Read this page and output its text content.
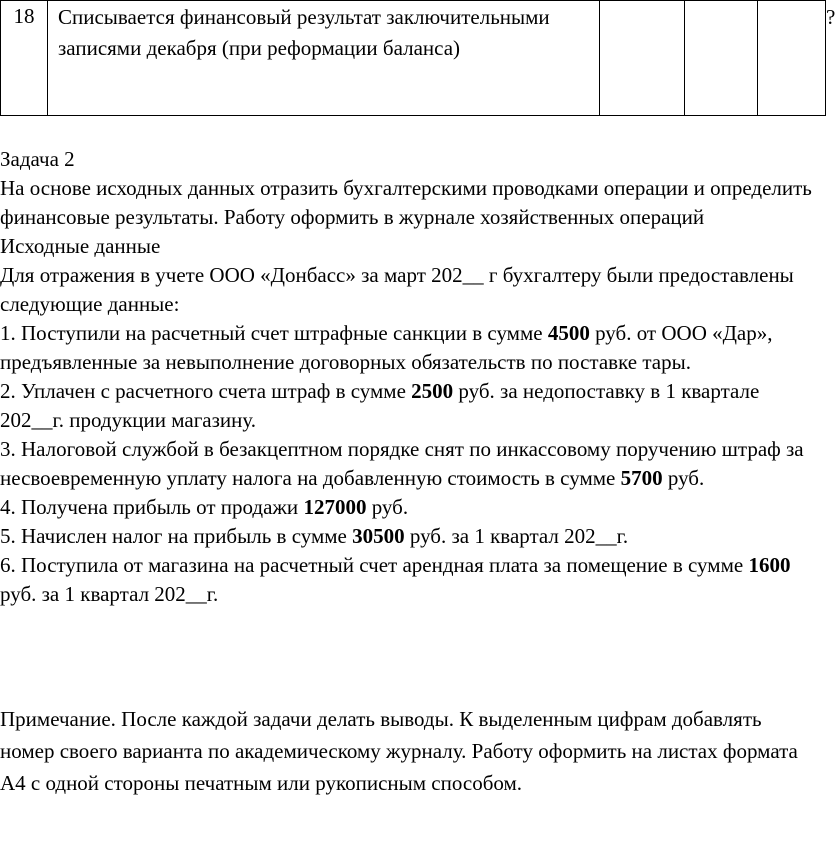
18	Списывается финансовый результат заключительными записями декабря (при реформации баланса)				?

Задача 2

На основе исходных данных отразить бухгалтерскими проводками операции и определить финансовые результаты. Работу оформить в журнале хозяйственных операций

Исходные данные

Для отражения в учете ООО «Донбасс» за март 202__ г бухгалтеру были предоставлены следующие данные:

1. Поступили на расчетный счет штрафные санкции в сумме 4500 руб. от ООО «Дар», предъявленные за невыполнение договорных обязательств по поставке тары.

2. Уплачен с расчетного счета штраф в сумме 2500 руб. за недопоставку в 1 квартале 202__г. продукции магазину.

3. Налоговой службой в безакцептном порядке снят по инкассовому поручению штраф за несвоевременную уплату налога на добавленную стоимость в сумме 5700 руб.

4. Получена прибыль от продажи 127000 руб.

5. Начислен налог на прибыль в сумме 30500 руб. за 1 квартал 202__г.

6. Поступила от магазина на расчетный счет арендная плата за помещение в сумме 1600 руб. за 1 квартал 202__г.

Примечание. После каждой задачи делать выводы. К выделенным цифрам добавлять номер своего варианта по академическому журналу. Работу оформить на листах формата А4 с одной стороны печатным или рукописным способом.
